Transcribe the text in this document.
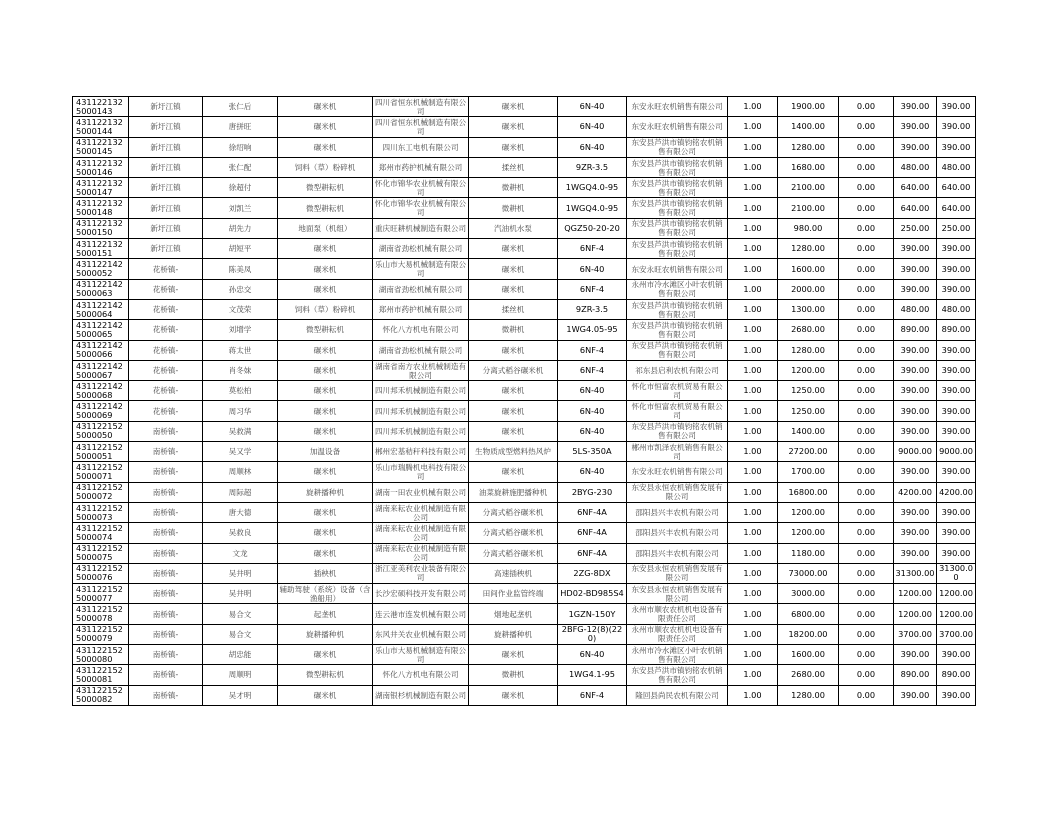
4311221325000143	新圩江镇	张仁后	碾米机	四川省恒东机械制造有限公司	碾米机	6N-40	东安永旺农机销售有限公司	1.00	1900.00	0.00	390.00	390.00
4311221325000144	新圩江镇	唐拼旺	碾米机	四川省恒东机械制造有限公司	碾米机	6N-40	东安永旺农机销售有限公司	1.00	1400.00	0.00	390.00	390.00
4311221325000145	新圩江镇	徐绍响	碾米机	四川东工电机有限公司	碾米机	6N-40	东安县芦洪市镇钧铭农机销售有限公司	1.00	1280.00	0.00	390.00	390.00
4311221325000146	新圩江镇	张仁配	饲料（草）粉碎机	郑州市药护机械有限公司	揉丝机	9ZR-3.5	东安县芦洪市镇钧铭农机销售有限公司	1.00	1680.00	0.00	480.00	480.00
4311221325000147	新圩江镇	徐超付	微型耕耘机	怀化市锦华农业机械有限公司	微耕机	1WGQ4.0-95	东安县芦洪市镇钧铭农机销售有限公司	1.00	2100.00	0.00	640.00	640.00
4311221325000148	新圩江镇	刘凯兰	微型耕耘机	怀化市锦华农业机械有限公司	微耕机	1WGQ4.0-95	东安县芦洪市镇钧铭农机销售有限公司	1.00	2100.00	0.00	640.00	640.00
4311221325000150	新圩江镇	胡先力	地面泵（机组）	重庆旺耕机械制造有限公司	汽油机水泵	QGZ50-20-20	东安县芦洪市镇钧铭农机销售有限公司	1.00	980.00	0.00	250.00	250.00
4311221325000151	新圩江镇	胡短平	碾米机	湖南省劲松机械有限公司	碾米机	6NF-4	东安县芦洪市镇钧铭农机销售有限公司	1.00	1280.00	0.00	390.00	390.00
4311221425000052	花桥镇-	陈美凤	碾米机	乐山市大易机械制造有限公司	碾米机	6N-40	东安永旺农机销售有限公司	1.00	1600.00	0.00	390.00	390.00
4311221425000063	花桥镇-	孙忠交	碾米机	湖南省劲松机械有限公司	碾米机	6NF-4	永州市冷水滩区小叶农机销售有限公司	1.00	2000.00	0.00	390.00	390.00
4311221425000064	花桥镇-	文茂荣	饲料（草）粉碎机	郑州市药护机械有限公司	揉丝机	9ZR-3.5	东安县芦洪市镇钧铭农机销售有限公司	1.00	1300.00	0.00	480.00	480.00
4311221425000065	花桥镇-	刘增学	微型耕耘机	怀化八方机电有限公司	微耕机	1WG4.05-95	东安县芦洪市镇钧铭农机销售有限公司	1.00	2680.00	0.00	890.00	890.00
4311221425000066	花桥镇-	蒋太世	碾米机	湖南省劲松机械有限公司	碾米机	6NF-4	东安县芦洪市镇钧铭农机销售有限公司	1.00	1280.00	0.00	390.00	390.00
4311221425000067	花桥镇-	肖冬妹	碾米机	湖南省南方农业机械制造有限公司	分离式稻谷碾米机	6NF-4	祁东县启利农机有限公司	1.00	1200.00	0.00	390.00	390.00
4311221425000068	花桥镇-	莫松柏	碾米机	四川邦禾机械制造有限公司	碾米机	6N-40	怀化市恒富农机贸易有限公司	1.00	1250.00	0.00	390.00	390.00
4311221425000069	花桥镇-	周习华	碾米机	四川邦禾机械制造有限公司	碾米机	6N-40	怀化市恒富农机贸易有限公司	1.00	1250.00	0.00	390.00	390.00
4311221525000050	南桥镇-	吴救满	碾米机	四川邦禾机械制造有限公司	碾米机	6N-40	东安县芦洪市镇钧铭农机销售有限公司	1.00	1400.00	0.00	390.00	390.00
4311221525000051	南桥镇-	吴又学	加温设备	郴州宏基秸秆科技有限公司	生物质成型燃料热风炉	5LS-350A	郴州市凯泽农机销售有限公司	1.00	27200.00	0.00	9000.00	9000.00
4311221525000071	南桥镇-	周顺林	碾米机	乐山市瑞腾机电科技有限公司	碾米机	6N-40	东安永旺农机销售有限公司	1.00	1700.00	0.00	390.00	390.00
4311221525000072	南桥镇-	周际超	旋耕播种机	湖南一田农业机械有限公司	油菜旋耕施肥播种机	2BYG-230	东安县永恒农机销售发展有限公司	1.00	16800.00	0.00	4200.00	4200.00
4311221525000073	南桥镇-	唐大德	碾米机	湖南来耘农业机械制造有限公司	分离式稻谷碾米机	6NF-4A	邵阳县兴丰农机有限公司	1.00	1200.00	0.00	390.00	390.00
4311221525000074	南桥镇-	吴救良	碾米机	湖南来耘农业机械制造有限公司	分离式稻谷碾米机	6NF-4A	邵阳县兴丰农机有限公司	1.00	1200.00	0.00	390.00	390.00
4311221525000075	南桥镇-	文龙	碾米机	湖南来耘农业机械制造有限公司	分离式稻谷碾米机	6NF-4A	邵阳县兴丰农机有限公司	1.00	1180.00	0.00	390.00	390.00
4311221525000076	南桥镇-	吴井明	插秧机	浙江亚美利农业装备有限公司	高速插秧机	2ZG-8DX	东安县永恒农机销售发展有限公司	1.00	73000.00	0.00	31300.00	31300.00
4311221525000077	南桥镇-	吴井明	辅助驾驶（系统）设备（含渔船用）	长沙宏硕科技开发有限公司	田间作业监管终端	HD02-BD985S4	东安县永恒农机销售发展有限公司	1.00	3000.00	0.00	1200.00	1200.00
4311221525000078	南桥镇-	易合文	起垄机	连云港市连发机械有限公司	烟地起垄机	1GZN-150Y	永州市顺农农机机电设备有限责任公司	1.00	6800.00	0.00	1200.00	1200.00
4311221525000079	南桥镇-	易合文	旋耕播种机	东风井关农业机械有限公司	旋耕播种机	2BFG-12(8)(220)	永州市顺农农机机电设备有限责任公司	1.00	18200.00	0.00	3700.00	3700.00
4311221525000080	南桥镇-	胡忠能	碾米机	乐山市大易机械制造有限公司	碾米机	6N-40	永州市冷水滩区小叶农机销售有限公司	1.00	1600.00	0.00	390.00	390.00
4311221525000081	南桥镇-	周顺明	微型耕耘机	怀化八方机电有限公司	微耕机	1WG4.1-95	东安县芦洪市镇钧铭农机销售有限公司	1.00	2680.00	0.00	890.00	890.00
4311221525000082	南桥镇-	吴才明	碾米机	湖南银杉机械制造有限公司	碾米机	6NF-4	隆回县尚民农机有限公司	1.00	1280.00	0.00	390.00	390.00
